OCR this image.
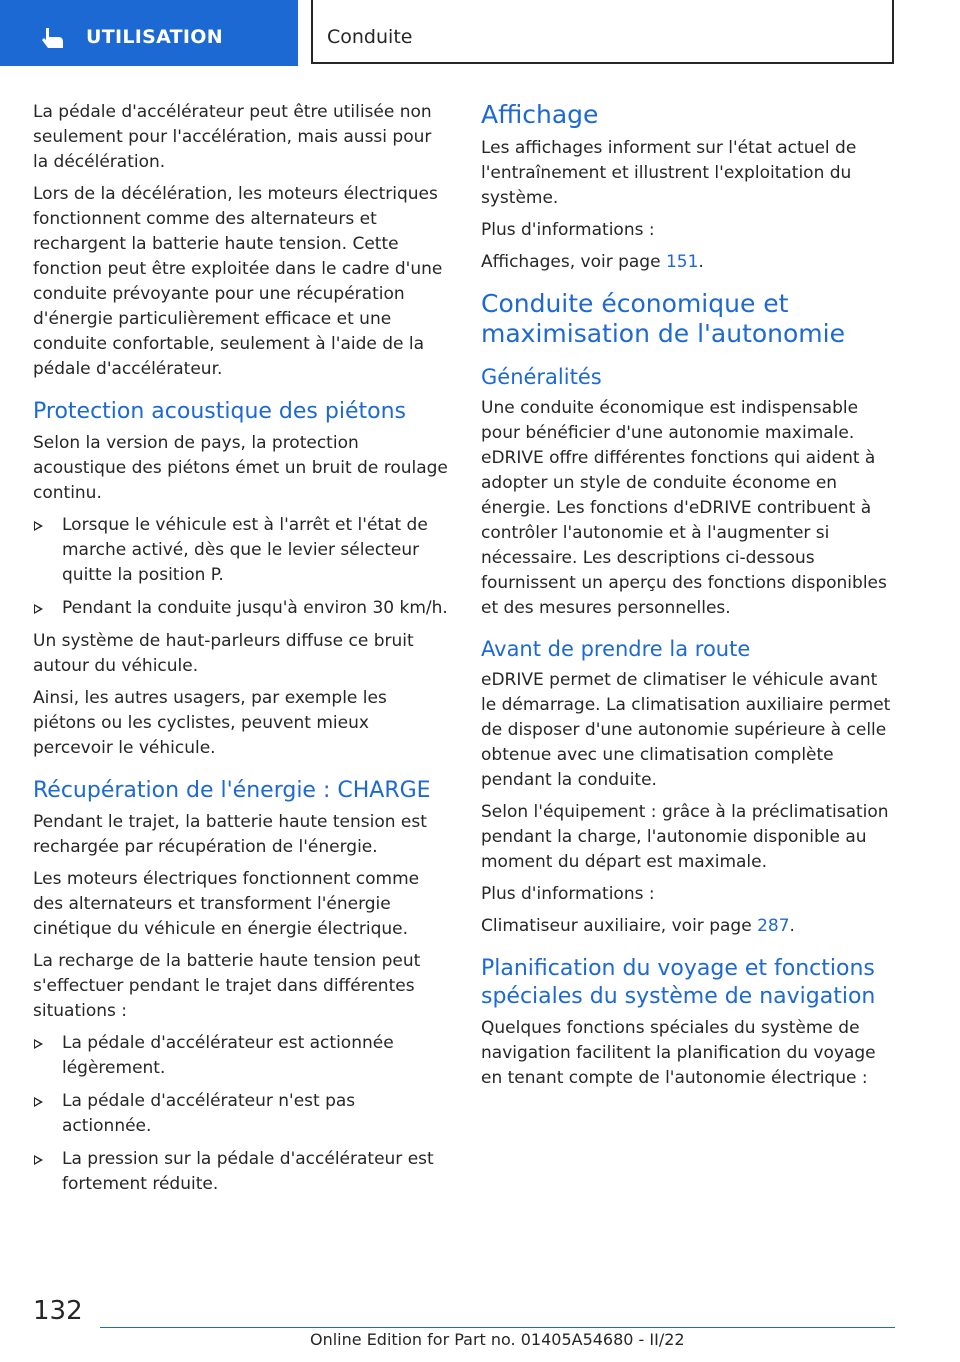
UTILISATION	Conduite

La pédale d'accélérateur peut être utilisée non seulement pour l'accélération, mais aussi pour la décélération.

Lors de la décélération, les moteurs électriques fonctionnent comme des alternateurs et rechargent la batterie haute tension. Cette fonction peut être exploitée dans le cadre d'une conduite prévoyante pour une récupération d'énergie particulièrement efficace et une conduite confortable, seulement à l'aide de la pédale d'accélérateur.

Protection acoustique des piétons

Selon la version de pays, la protection acoustique des piétons émet un bruit de roulage continu.

Lorsque le véhicule est à l'arrêt et l'état de marche activé, dès que le levier sélecteur quitte la position P.
Pendant la conduite jusqu'à environ 30 km/h.

Un système de haut-parleurs diffuse ce bruit autour du véhicule.

Ainsi, les autres usagers, par exemple les piétons ou les cyclistes, peuvent mieux percevoir le véhicule.

Récupération de l'énergie : CHARGE

Pendant le trajet, la batterie haute tension est rechargée par récupération de l'énergie.

Les moteurs électriques fonctionnent comme des alternateurs et transforment l'énergie cinétique du véhicule en énergie électrique.

La recharge de la batterie haute tension peut s'effectuer pendant le trajet dans différentes situations :

La pédale d'accélérateur est actionnée légèrement.
La pédale d'accélérateur n'est pas actionnée.
La pression sur la pédale d'accélérateur est fortement réduite.
Affichage

Les affichages informent sur l'état actuel de l'entraînement et illustrent l'exploitation du système.

Plus d'informations :

Affichages, voir page 151.

Conduite économique et maximisation de l'autonomie
Généralités

Une conduite économique est indispensable pour bénéficier d'une autonomie maximale. eDRIVE offre différentes fonctions qui aident à adopter un style de conduite économe en énergie. Les fonctions d'eDRIVE contribuent à contrôler l'autonomie et à l'augmenter si nécessaire. Les descriptions ci-dessous fournissent un aperçu des fonctions disponibles et des mesures personnelles.

Avant de prendre la route

eDRIVE permet de climatiser le véhicule avant le démarrage. La climatisation auxiliaire permet de disposer d'une autonomie supérieure à celle obtenue avec une climatisation complète pendant la conduite.

Selon l'équipement : grâce à la préclimatisation pendant la charge, l'autonomie disponible au moment du départ est maximale.

Plus d'informations :

Climatiseur auxiliaire, voir page 287.

Planification du voyage et fonctions spéciales du système de navigation

Quelques fonctions spéciales du système de navigation facilitent la planification du voyage en tenant compte de l'autonomie électrique :

132
Online Edition for Part no. 01405A54680 - II/22
